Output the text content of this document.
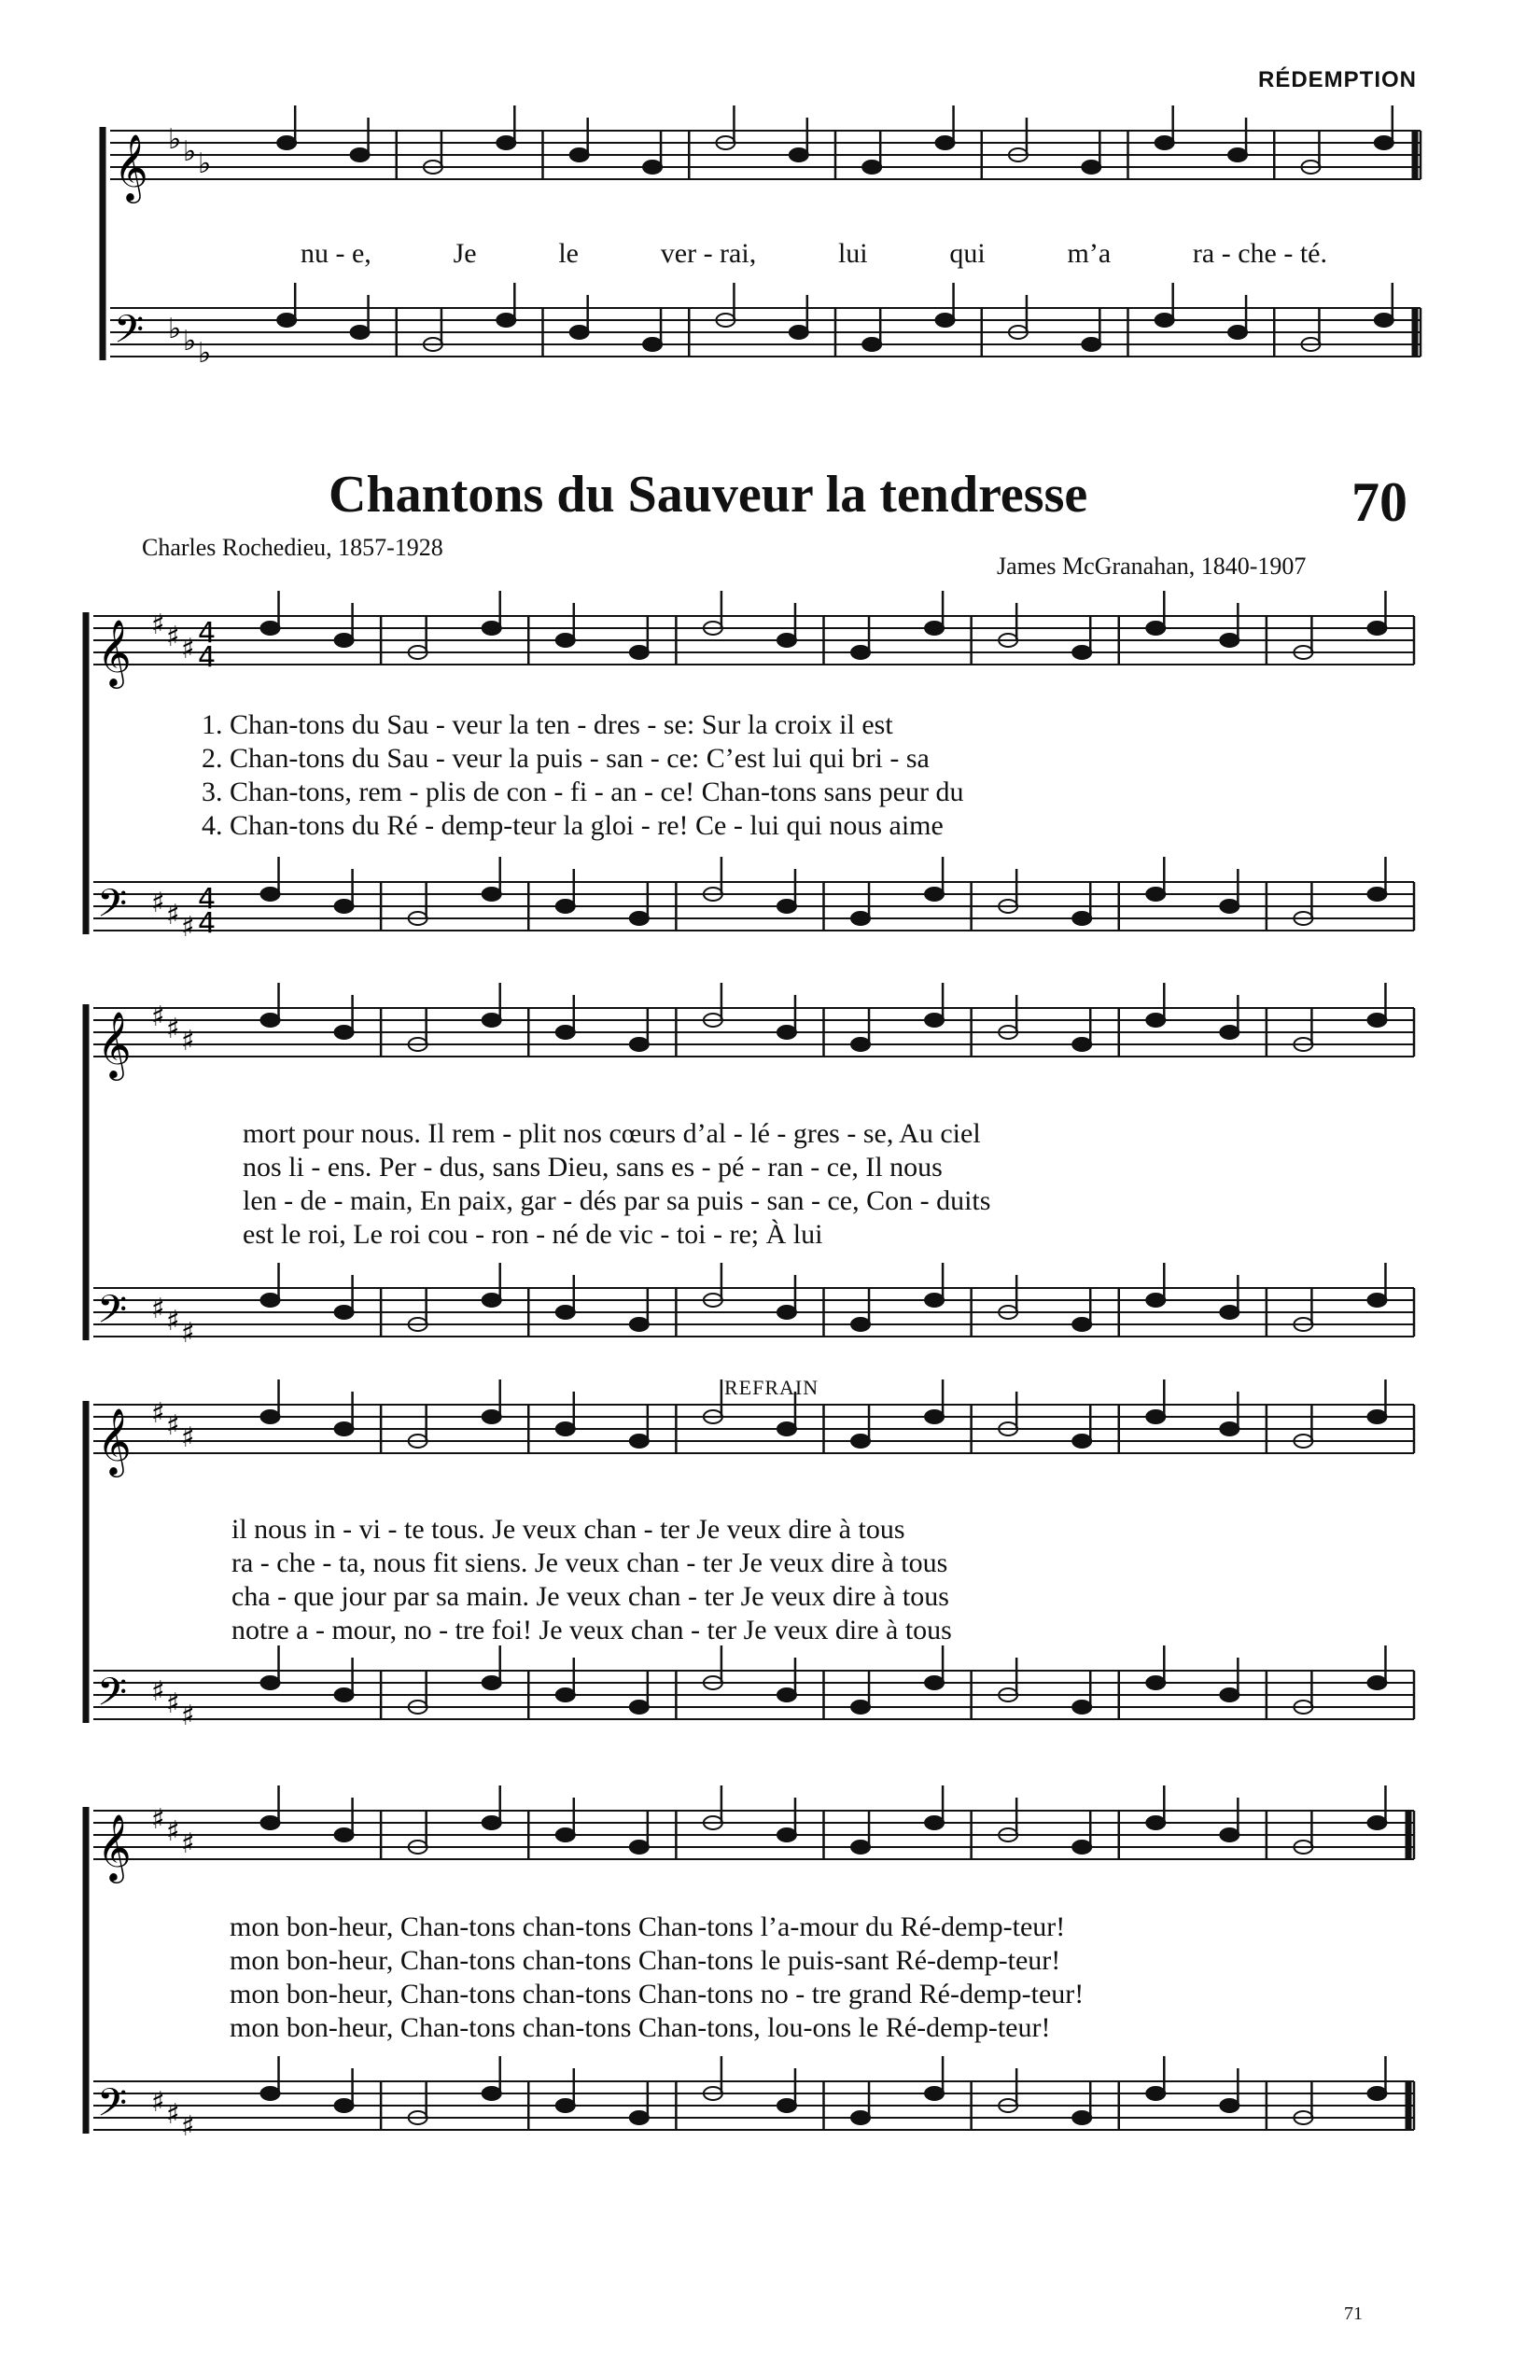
RÉDEMPTION
𝄞
𝄢
♭
♭
♭
♭
♭
♭
𝄞
𝄢
♯
♯
♯
♯
♯
♯
4
4
4
4
𝄞
𝄢
♯
♯
♯
♯
♯
♯
𝄞
𝄢
♯
♯
♯
♯
♯
♯
𝄞
𝄢
♯
♯
♯
♯
♯
♯
nu - e,	Je	le	ver - rai,	lui	qui	m’a	ra - che - té.
Chantons du Sauveur la tendresse	70
Charles Rochedieu, 1857-1928
James McGranahan, 1840-1907
REFRAIN
1. Chan-tons du Sau - veur la ten - dres - se: Sur la croix il est
2. Chan-tons du Sau - veur la puis - san - ce: C’est lui qui bri - sa
3. Chan-tons, rem - plis de con - fi - an - ce! Chan-tons sans peur du
4. Chan-tons du Ré - demp-teur la gloi - re! Ce - lui qui nous aime
mort pour nous. Il rem - plit nos cœurs d’al - lé - gres - se, Au ciel
nos li - ens. Per - dus, sans Dieu, sans es - pé - ran - ce, Il nous
len - de - main, En paix, gar - dés par sa puis - san - ce, Con - duits
est le roi, Le roi cou - ron - né de vic - toi - re; À lui
il nous in - vi - te tous. Je veux chan - ter Je veux dire à tous
ra - che - ta, nous fit siens. Je veux chan - ter Je veux dire à tous
cha - que jour par sa main. Je veux chan - ter Je veux dire à tous
notre a - mour, no - tre foi! Je veux chan - ter Je veux dire à tous
mon bon-heur, Chan-tons chan-tons Chan-tons l’a-mour du Ré-demp-teur!
mon bon-heur, Chan-tons chan-tons Chan-tons le puis-sant Ré-demp-teur!
mon bon-heur, Chan-tons chan-tons Chan-tons no - tre grand Ré-demp-teur!
mon bon-heur, Chan-tons chan-tons Chan-tons, lou-ons le Ré-demp-teur!
71
